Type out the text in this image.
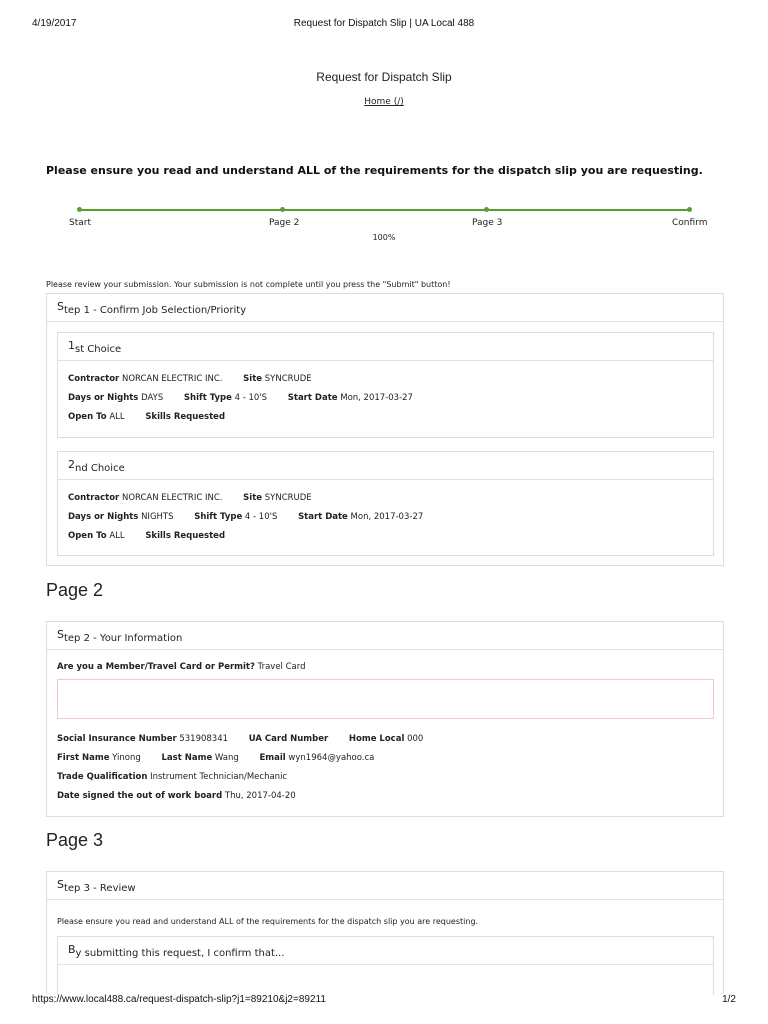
4/19/2017	Request for Dispatch Slip | UA Local 488
Request for Dispatch Slip
Home (/)
Please ensure you read and understand ALL of the requirements for the dispatch slip you are requesting.
Start	Page 2	Page 3	Confirm
100%
Please review your submission. Your submission is not complete until you press the "Submit" button!
Step 1 - Confirm Job Selection/Priority
1st Choice
Contractor NORCAN ELECTRIC INC. Site SYNCRUDE
Days or Nights DAYS Shift Type 4 - 10'S Start Date Mon, 2017-03-27
Open To ALL Skills Requested
2nd Choice
Contractor NORCAN ELECTRIC INC. Site SYNCRUDE
Days or Nights NIGHTS Shift Type 4 - 10'S Start Date Mon, 2017-03-27
Open To ALL Skills Requested
Page 2
Step 2 - Your Information
Are you a Member/Travel Card or Permit? Travel Card
Social Insurance Number 531908341 UA Card Number Home Local 000
First Name Yinong Last Name Wang Email wyn1964@yahoo.ca
Trade Qualification Instrument Technician/Mechanic
Date signed the out of work board Thu, 2017-04-20
Page 3
Step 3 - Review
Please ensure you read and understand ALL of the requirements for the dispatch slip you are requesting.
By submitting this request, I confirm that...
https://www.local488.ca/request-dispatch-slip?j1=89210&j2=89211	1/2
